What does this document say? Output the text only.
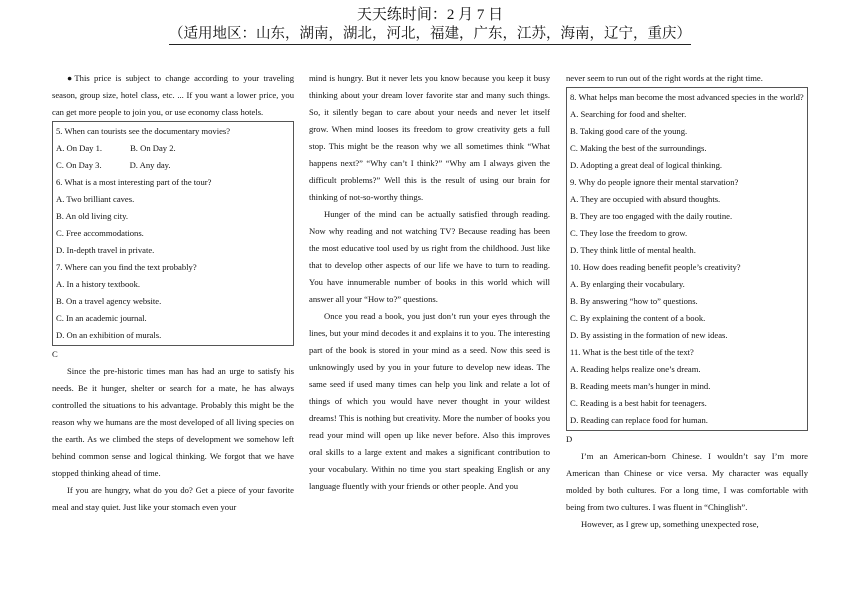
天天练时间：2 月 7 日
（适用地区：山东，湖南，湖北，河北，福建，广东，江苏，海南，辽宁，重庆）

●This price is subject to change according to your traveling season, group size, hotel class, etc. ... If you want a lower price, you can get more people to join you, or use economy class hotels.

5. When can tourists see the documentary movies?
A. On Day 1.	B. On Day 2.
C. On Day 3.	D. Any day.
6. What is a most interesting part of the tour?
A. Two brilliant caves.
B. An old living city.
C. Free accommodations.
D. In-depth travel in private.
7. Where can you find the text probably?
A. In a history textbook.
B. On a travel agency website.
C. In an academic journal.
D. On an exhibition of murals.

C

Since the pre-historic times man has had an urge to satisfy his needs. Be it hunger, shelter or search for a mate, he has always controlled the situations to his advantage. Probably this might be the reason why we humans are the most developed of all living species on the earth. As we climbed the steps of development we somehow left behind common sense and logical thinking. We forgot that we have stopped thinking ahead of time.

If you are hungry, what do you do? Get a piece of your favorite meal and stay quiet. Just like your stomach even your

mind is hungry. But it never lets you know because you keep it busy thinking about your dream lover favorite star and many such things. So, it silently began to care about your needs and never let itself grow. When mind looses its freedom to grow creativity gets a full stop. This might be the reason why we all sometimes think “What happens next?” “Why can’t I think?” “Why am I always given the difficult problems?” Well this is the result of using our brain for thinking of not-so-worthy things.

Hunger of the mind can be actually satisfied through reading. Now why reading and not watching TV? Because reading has been the most educative tool used by us right from the childhood. Just like that to develop other aspects of our life we have to turn to reading. You have innumerable number of books in this world which will answer all your “How to?” questions.

Once you read a book, you just don’t run your eyes through the lines, but your mind decodes it and explains it to you. The interesting part of the book is stored in your mind as a seed. Now this seed is unknowingly used by you in your future to develop new ideas. The same seed if used many times can help you link and relate a lot of things of which you would have never thought in your wildest dreams! This is nothing but creativity. More the number of books you read your mind will open up like never before. Also this improves oral skills to a large extent and makes a significant contribution to your vocabulary. Within no time you start speaking English or any language fluently with your friends or other people. And you

never seem to run out of the right words at the right time.

8. What helps man become the most advanced species in the world?
A. Searching for food and shelter.
B. Taking good care of the young.
C. Making the best of the surroundings.
D. Adopting a great deal of logical thinking.
9. Why do people ignore their mental starvation?
A. They are occupied with absurd thoughts.
B. They are too engaged with the daily routine.
C. They lose the freedom to grow.
D. They think little of mental health.
10. How does reading benefit people’s creativity?
A. By enlarging their vocabulary.
B. By answering “how to” questions.
C. By explaining the content of a book.
D. By assisting in the formation of new ideas.
11. What is the best title of the text?
A. Reading helps realize one’s dream.
B. Reading meets man’s hunger in mind.
C. Reading is a best habit for teenagers.
D. Reading can replace food for human.

D

I’m an American-born Chinese. I wouldn’t say I’m more American than Chinese or vice versa. My character was equally molded by both cultures. For a long time, I was comfortable with being from two cultures. I was fluent in “Chinglish”.

However, as I grew up, something unexpected rose,
